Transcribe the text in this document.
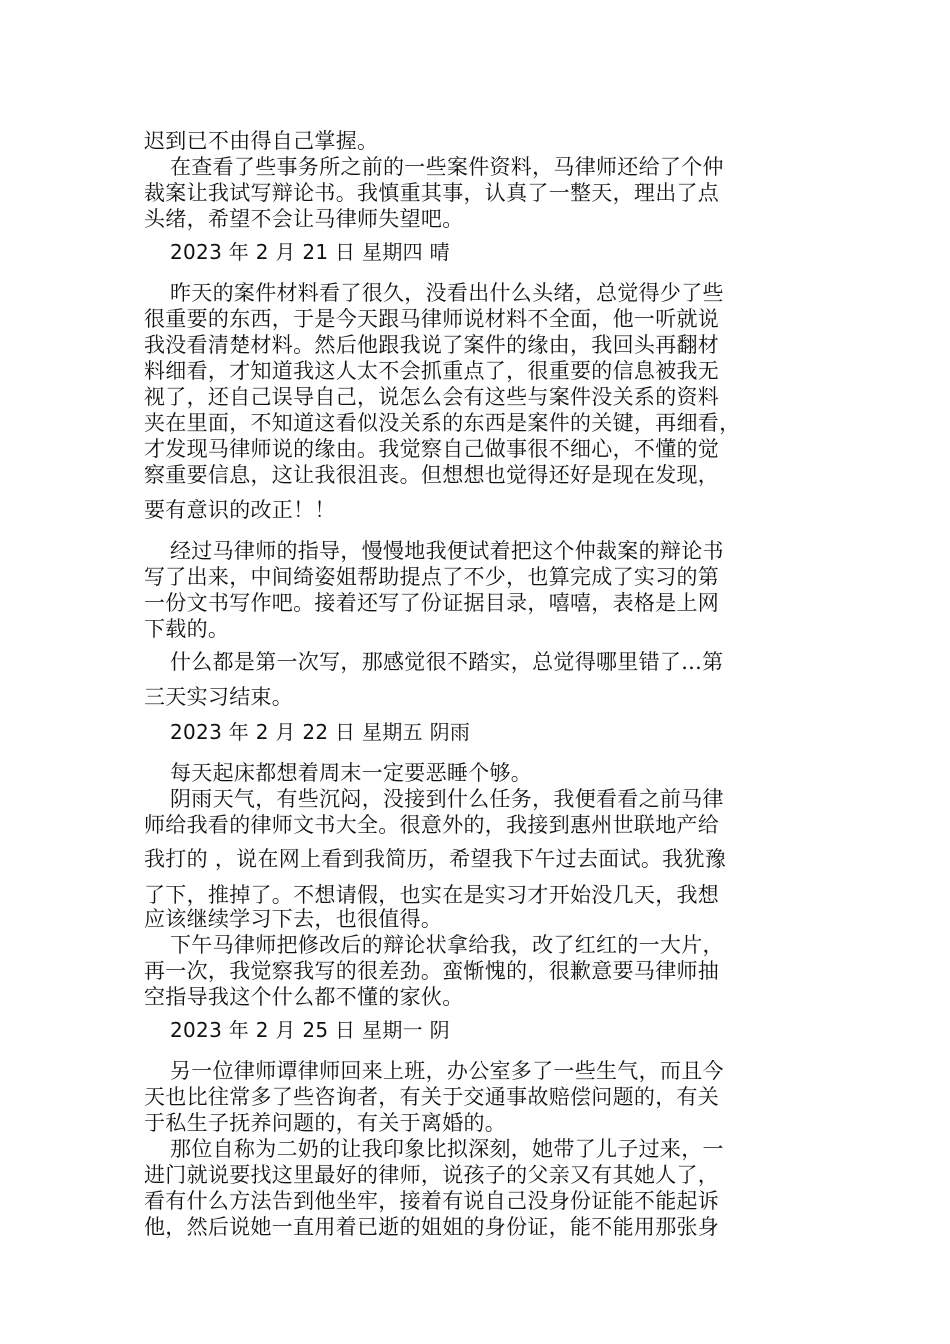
迟到已不由得自己掌握。
在查看了些事务所之前的一些案件资料，马律师还给了个仲
裁案让我试写辩论书。我慎重其事，认真了一整天，理出了点
头绪，希望不会让马律师失望吧。
2023 年 2 月 21 日 星期四 晴
昨天的案件材料看了很久，没看出什么头绪，总觉得少了些
很重要的东西，于是今天跟马律师说材料不全面，他一听就说
我没看清楚材料。然后他跟我说了案件的缘由，我回头再翻材
料细看，才知道我这人太不会抓重点了，很重要的信息被我无
视了，还自己误导自己，说怎么会有这些与案件没关系的资料
夹在里面，不知道这看似没关系的东西是案件的关键，再细看，
才发现马律师说的缘由。我觉察自己做事很不细心，不懂的觉
察重要信息，这让我很沮丧。但想想也觉得还好是现在发现，
要有意识的改正！！
经过马律师的指导，慢慢地我便试着把这个仲裁案的辩论书
写了出来，中间绮姿姐帮助提点了不少，也算完成了实习的第
一份文书写作吧。接着还写了份证据目录，嘻嘻，表格是上网
下载的。
什么都是第一次写，那感觉很不踏实，总觉得哪里错了...第
三天实习结束。
2023 年 2 月 22 日 星期五 阴雨
每天起床都想着周末一定要恶睡个够。
阴雨天气，有些沉闷，没接到什么任务，我便看看之前马律
师给我看的律师文书大全。很意外的，我接到惠州世联地产给
我打的 ，说在网上看到我简历，希望我下午过去面试。我犹豫
了下，推掉了。不想请假，也实在是实习才开始没几天，我想
应该继续学习下去，也很值得。
下午马律师把修改后的辩论状拿给我，改了红红的一大片，
再一次，我觉察我写的很差劲。蛮惭愧的，很歉意要马律师抽
空指导我这个什么都不懂的家伙。
2023 年 2 月 25 日 星期一 阴
另一位律师谭律师回来上班，办公室多了一些生气，而且今
天也比往常多了些咨询者，有关于交通事故赔偿问题的，有关
于私生子抚养问题的，有关于离婚的。
那位自称为二奶的让我印象比拟深刻，她带了儿子过来，一
进门就说要找这里最好的律师，说孩子的父亲又有其她人了，
看有什么方法告到他坐牢，接着有说自己没身份证能不能起诉
他，然后说她一直用着已逝的姐姐的身份证，能不能用那张身
